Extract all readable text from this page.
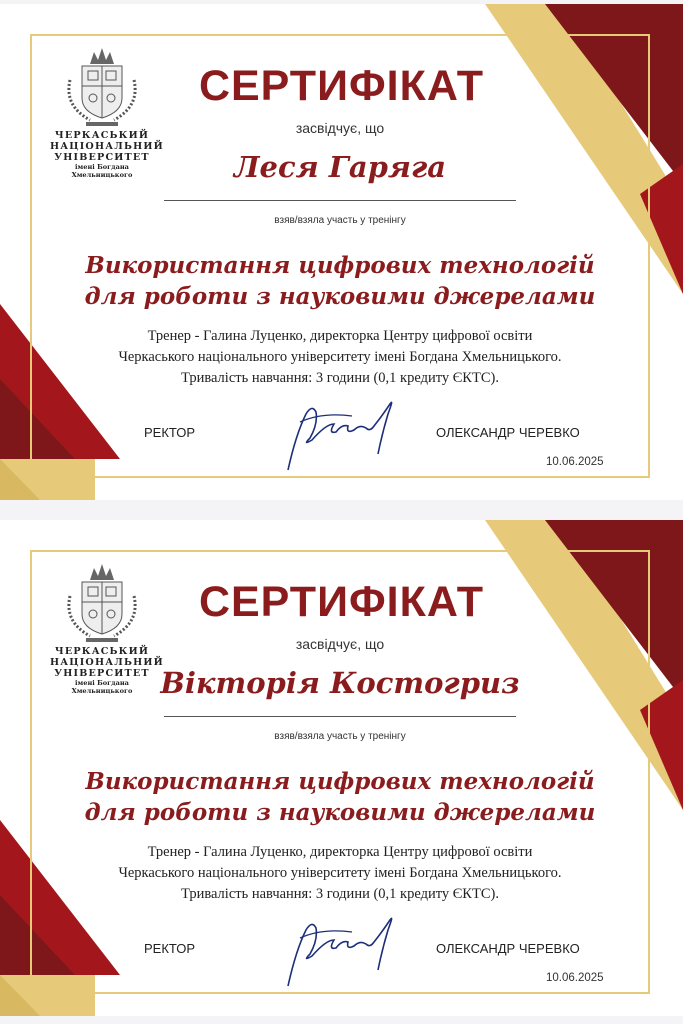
ЧЕРКАСЬКИЙ
НАЦІОНАЛЬНИЙ
УНІВЕРСИТЕТ
імені Богдана Хмельницького
СЕРТИФІКАТ
засвідчує, що
Леся Гаряга
взяв/взяла участь у тренінгу
Використання цифрових технологій
для роботи з науковими джерелами
Тренер - Галина Луценко, директорка Центру цифрової освіти
Черкаського національного університету імені Богдана Хмельницького.
Тривалість навчання: 3 години (0,1 кредиту ЄКТС).
РЕКТОР	ОЛЕКСАНДР ЧЕРЕВКО
10.06.2025
ЧЕРКАСЬКИЙ
НАЦІОНАЛЬНИЙ
УНІВЕРСИТЕТ
імені Богдана Хмельницького
СЕРТИФІКАТ
засвідчує, що
Вікторія Костогриз
взяв/взяла участь у тренінгу
Використання цифрових технологій
для роботи з науковими джерелами
Тренер - Галина Луценко, директорка Центру цифрової освіти
Черкаського національного університету імені Богдана Хмельницького.
Тривалість навчання: 3 години (0,1 кредиту ЄКТС).
РЕКТОР	ОЛЕКСАНДР ЧЕРЕВКО
10.06.2025
